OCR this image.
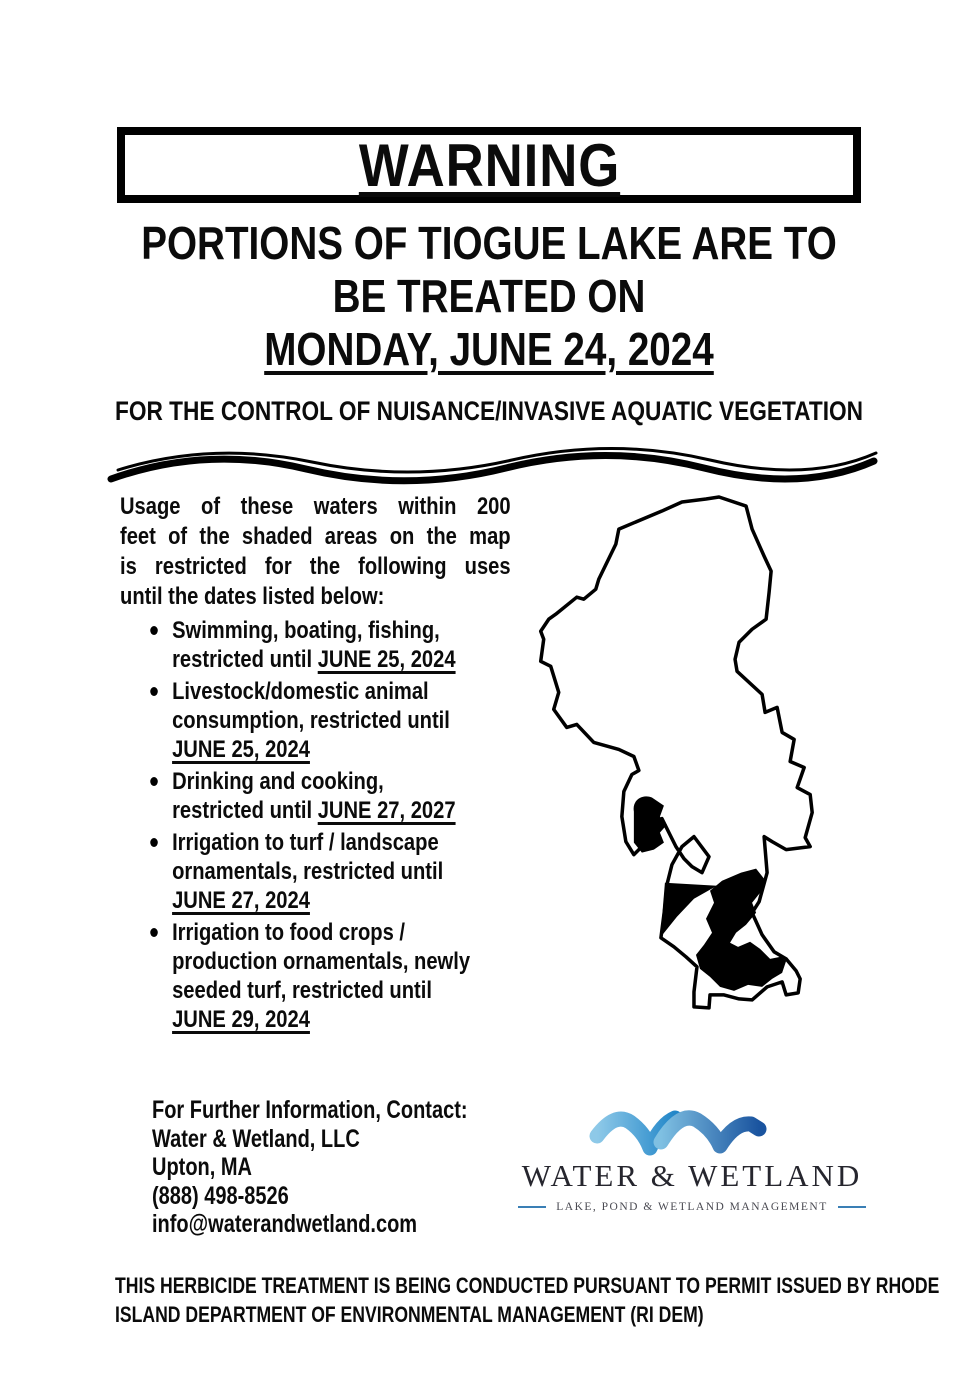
WARNING
PORTIONS OF TIOGUE LAKE ARE TO
BE TREATED ON
MONDAY, JUNE 24, 2024
FOR THE CONTROL OF NUISANCE/INVASIVE AQUATIC VEGETATION
Usage of these waters within 200
feet of the shaded areas on the map
is restricted for the following uses
until the dates listed below:
Swimming, boating, fishing,
restricted until JUNE 25, 2024
Livestock/domestic animal
consumption, restricted until
JUNE 25, 2024
Drinking and cooking,
restricted until JUNE 27, 2027
Irrigation to turf / landscape
ornamentals, restricted until
JUNE 27, 2024
Irrigation to food crops /
production ornamentals, newly
seeded turf, restricted until
JUNE 29, 2024
For Further Information, Contact:
Water & Wetland, LLC
Upton, MA
(888) 498-8526
info@waterandwetland.com
WATER & WETLAND
LAKE, POND & WETLAND MANAGEMENT
THIS HERBICIDE TREATMENT IS BEING CONDUCTED PURSUANT TO PERMIT ISSUED BY RHODE
ISLAND DEPARTMENT OF ENVIRONMENTAL MANAGEMENT (RI DEM)
